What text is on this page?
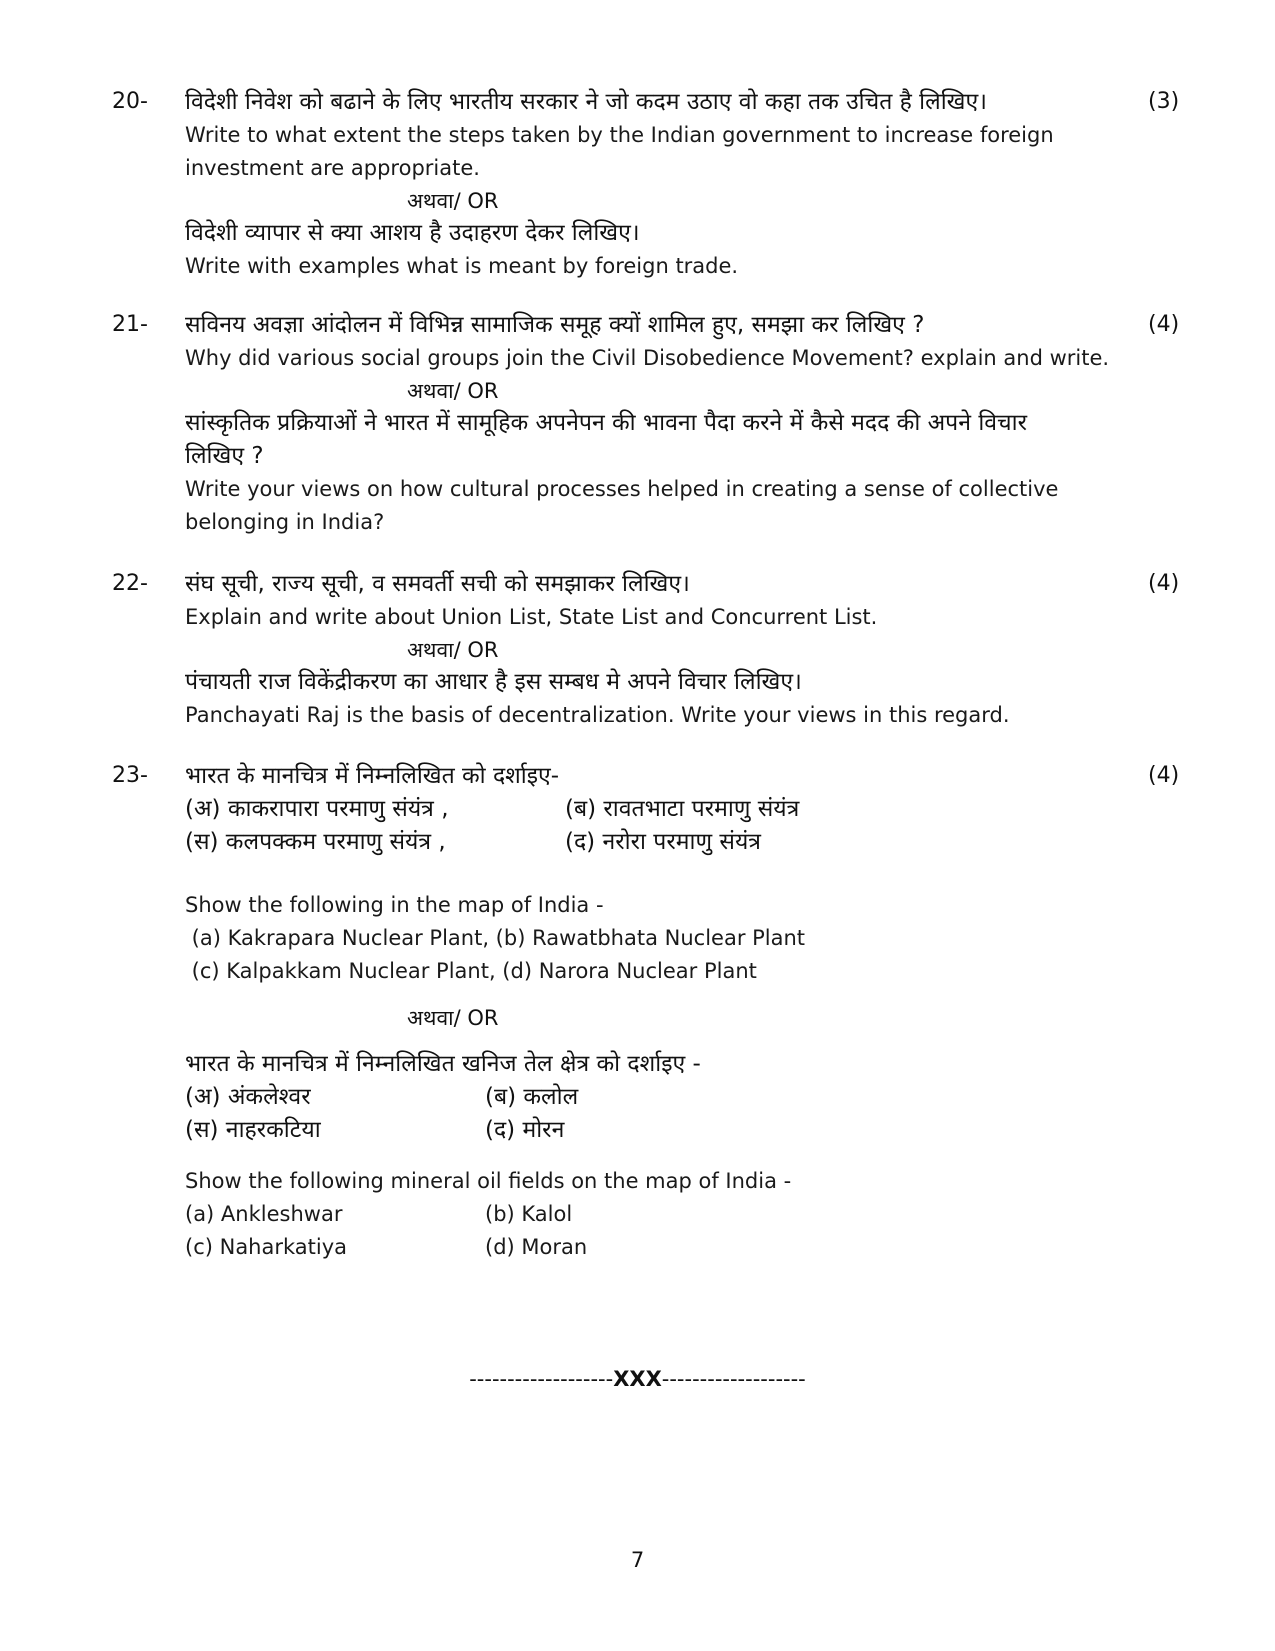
20-	(3)

विदेशी निवेश को बढाने के लिए भारतीय सरकार ने जो कदम उठाए वो कहा तक उचित है लिखिए।

Write to what extent the steps taken by the Indian government to increase foreign

investment are appropriate.

अथवा/ OR

विदेशी व्यापार से क्या आशय है उदाहरण देकर लिखिए।

Write with examples what is meant by foreign trade.

21-	(4)

सविनय अवज्ञा आंदोलन में विभिन्न सामाजिक समूह क्यों शामिल हुए, समझा कर लिखिए ?

Why did various social groups join the Civil Disobedience Movement? explain and write.

अथवा/ OR

सांस्कृतिक प्रक्रियाओं ने भारत में सामूहिक अपनेपन की भावना पैदा करने में कैसे मदद की अपने विचार

लिखिए ?

Write your views on how cultural processes helped in creating a sense of collective

belonging in India?

22-	(4)

संघ सूची, राज्य सूची, व समवर्ती सची को समझाकर लिखिए।

Explain and write about Union List, State List and Concurrent List.

अथवा/ OR

पंचायती राज विकेंद्रीकरण का आधार है इस सम्बध मे अपने विचार लिखिए।

Panchayati Raj is the basis of decentralization. Write your views in this regard.

23-	(4)

भारत के मानचित्र में निम्नलिखित को दर्शाइए-

(अ) काकरापारा परमाणु संयंत्र ,	(ब) रावतभाटा परमाणु संयंत्र
(स) कलपक्कम परमाणु संयंत्र ,	(द) नरोरा परमाणु संयंत्र

Show the following in the map of India -

(a) Kakrapara Nuclear Plant, (b) Rawatbhata Nuclear Plant

(c) Kalpakkam Nuclear Plant, (d) Narora Nuclear Plant

अथवा/ OR

भारत के मानचित्र में निम्नलिखित खनिज तेल क्षेत्र को दर्शाइए -

(अ) अंकलेश्वर	(ब) कलोल
(स) नाहरकटिया	(द) मोरन

Show the following mineral oil fields on the map of India -

(a) Ankleshwar	(b) Kalol
(c) Naharkatiya	(d) Moran
-------------------XXX-------------------
7
